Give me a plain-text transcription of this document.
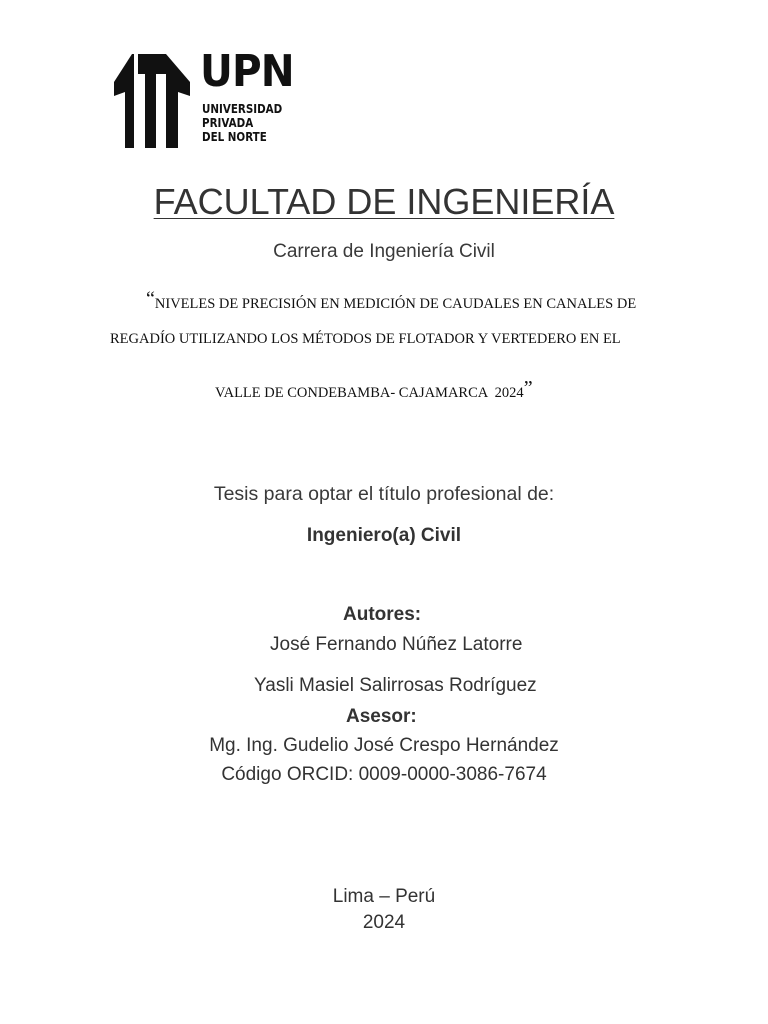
UPN
UNIVERSIDAD
PRIVADA
DEL NORTE
FACULTAD DE INGENIERÍA
Carrera de Ingeniería Civil
“NIVELES DE PRECISIÓN EN MEDICIÓN DE CAUDALES EN CANALES DE
REGADÍO UTILIZANDO LOS MÉTODOS DE FLOTADOR Y VERTEDERO EN EL
VALLE DE CONDEBAMBA- CAJAMARCA  2024”
Tesis para optar el título profesional de:
Ingeniero(a) Civil
Autores:
José Fernando Núñez Latorre
Yasli Masiel Salirrosas Rodríguez
Asesor:
Mg. Ing. Gudelio José Crespo Hernández
Código ORCID: 0009-0000-3086-7674
Lima – Perú
2024
